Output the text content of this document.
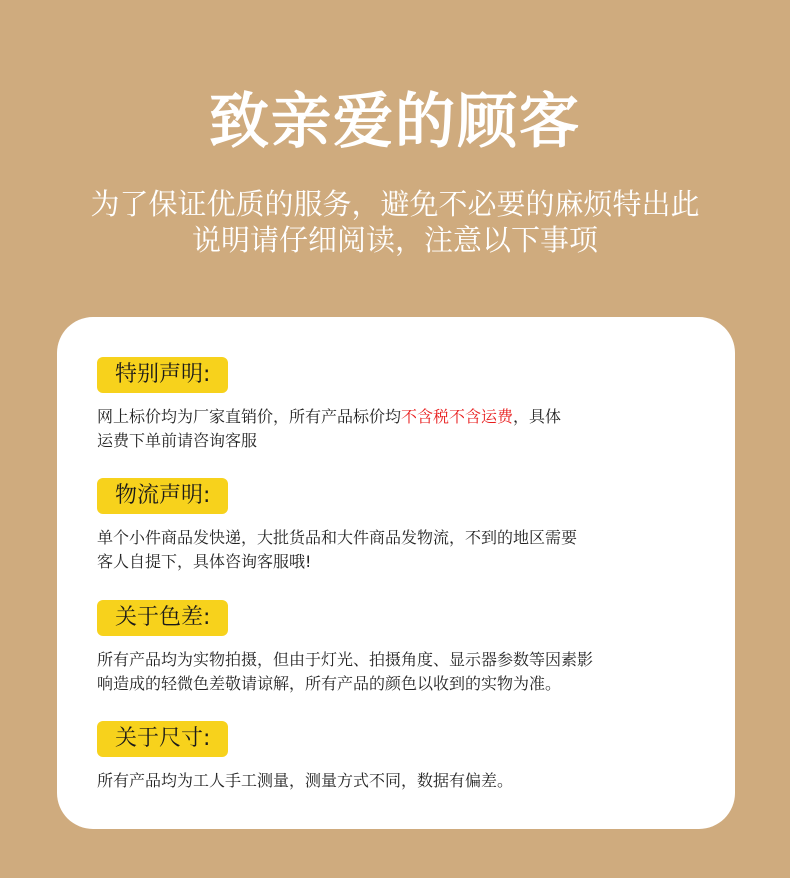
致亲爱的顾客
为了保证优质的服务，避免不必要的麻烦特出此
说明请仔细阅读，注意以下事项
特别声明:
网上标价均为厂家直销价，所有产品标价均不含税不含运费，具体
运费下单前请咨询客服
物流声明:
单个小件商品发快递，大批货品和大件商品发物流，不到的地区需要
客人自提下，具体咨询客服哦!
关于色差:
所有产品均为实物拍摄，但由于灯光、拍摄角度、显示器参数等因素影
响造成的轻微色差敬请谅解，所有产品的颜色以收到的实物为准。
关于尺寸:
所有产品均为工人手工测量，测量方式不同，数据有偏差。
